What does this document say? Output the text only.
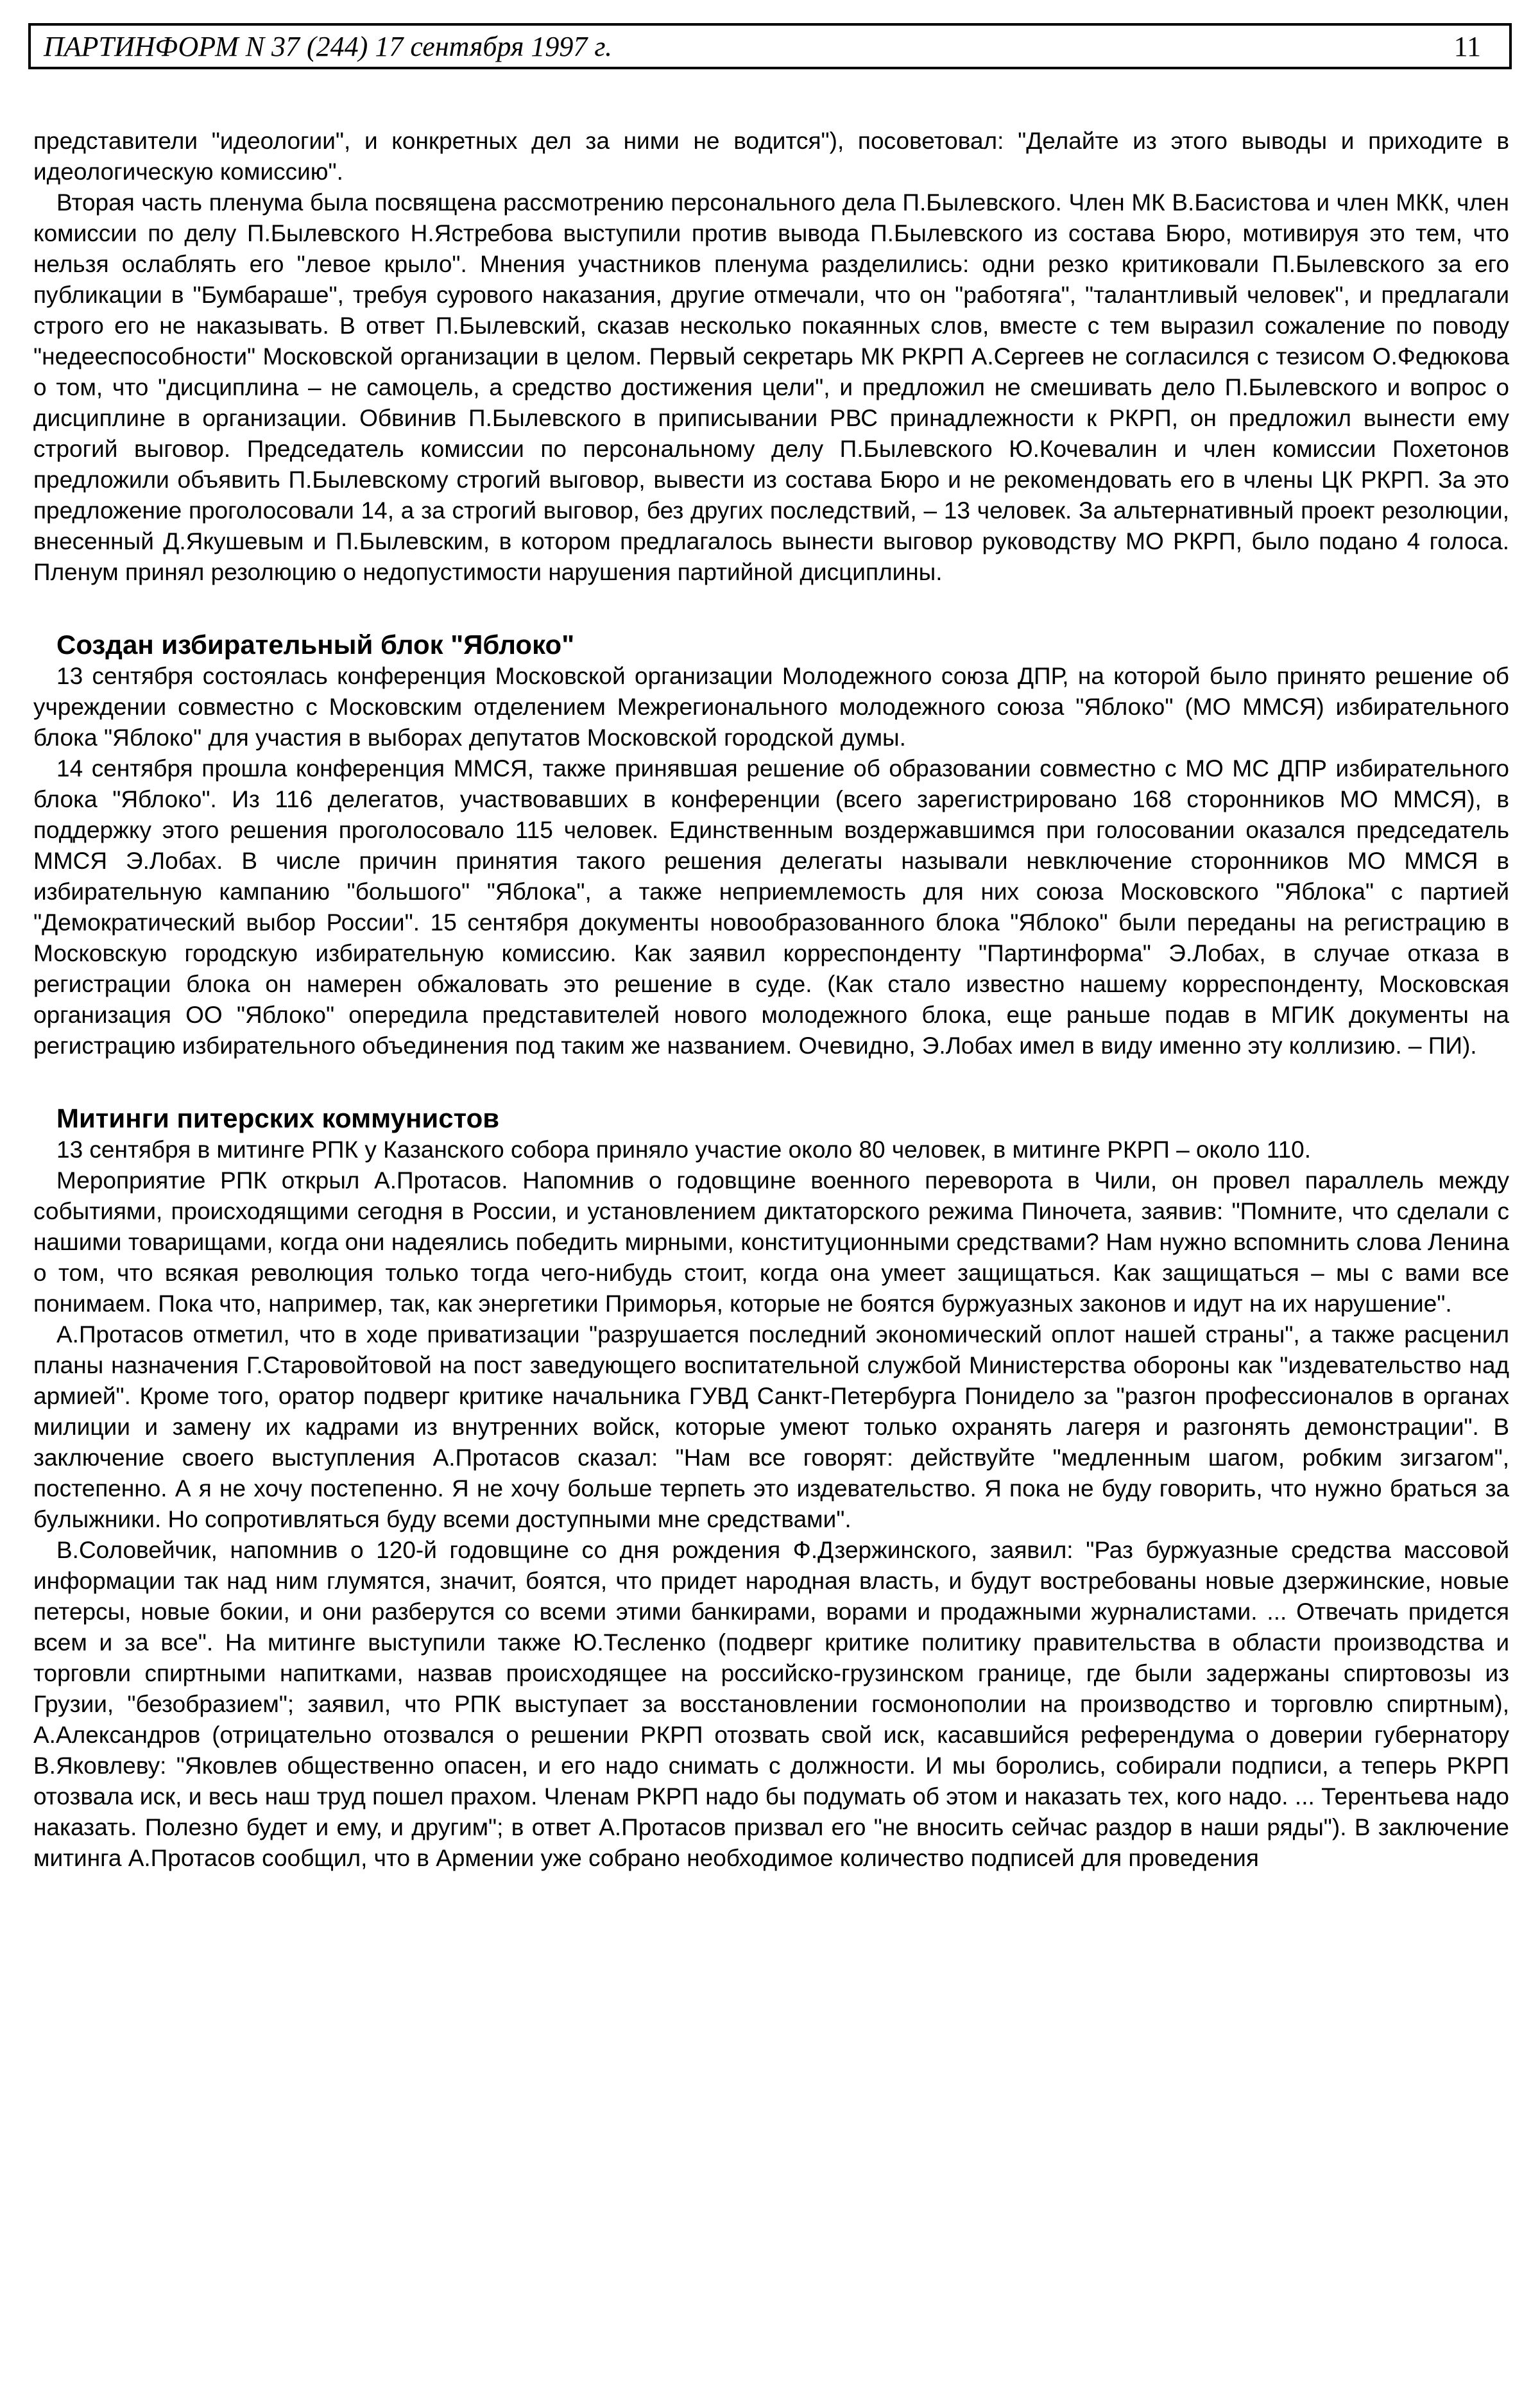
ПАРТИНФОРМ N 37 (244) 17 сентября 1997 г.	11

представители "идеологии", и конкретных дел за ними не водится"), посоветовал: "Делайте из этого выводы и приходите в идеологическую комиссию".

Вторая часть пленума была посвящена рассмотрению персонального дела П.Былевского. Член МК В.Басистова и член МКК, член комиссии по делу П.Былевского Н.Ястребова выступили против вывода П.Былевского из состава Бюро, мотивируя это тем, что нельзя ослаблять его "левое крыло". Мнения участников пленума разделились: одни резко критиковали П.Былевского за его публикации в "Бумбараше", требуя сурового наказания, другие отмечали, что он "работяга", "талантливый человек", и предлагали строго его не наказывать. В ответ П.Былевский, сказав несколько покаянных слов, вместе с тем выразил сожаление по поводу "недееспособности" Московской организации в целом. Первый секретарь МК РКРП А.Сергеев не согласился с тезисом О.Федюкова о том, что "дисциплина – не самоцель, а средство достижения цели", и предложил не смешивать дело П.Былевского и вопрос о дисциплине в организации. Обвинив П.Былевского в приписывании РВС принадлежности к РКРП, он предложил вынести ему строгий выговор. Председатель комиссии по персональному делу П.Былевского Ю.Кочевалин и член комиссии Похетонов предложили объявить П.Былевскому строгий выговор, вывести из состава Бюро и не рекомендовать его в члены ЦК РКРП. За это предложение проголосовали 14, а за строгий выговор, без других последствий, – 13 человек. За альтернативный проект резолюции, внесенный Д.Якушевым и П.Былевским, в котором предлагалось вынести выговор руководству МО РКРП, было подано 4 голоса. Пленум принял резолюцию о недопустимости нарушения партийной дисциплины.

Создан избирательный блок "Яблоко"

13 сентября состоялась конференция Московской организации Молодежного союза ДПР, на которой было принято решение об учреждении совместно с Московским отделением Межрегионального молодежного союза "Яблоко" (МО ММСЯ) избирательного блока "Яблоко" для участия в выборах депутатов Московской городской думы.

14 сентября прошла конференция ММСЯ, также принявшая решение об образовании совместно с МО МС ДПР избирательного блока "Яблоко". Из 116 делегатов, участвовавших в конференции (всего зарегистрировано 168 сторонников МО ММСЯ), в поддержку этого решения проголосовало 115 человек. Единственным воздержавшимся при голосовании оказался председатель ММСЯ Э.Лобах. В числе причин принятия такого решения делегаты называли невключение сторонников МО ММСЯ в избирательную кампанию "большого" "Яблока", а также неприемлемость для них союза Московского "Яблока" с партией "Демократический выбор России". 15 сентября документы новообразованного блока "Яблоко" были переданы на регистрацию в Московскую городскую избирательную комиссию. Как заявил корреспонденту "Партинформа" Э.Лобах, в случае отказа в регистрации блока он намерен обжаловать это решение в суде. (Как стало известно нашему корреспонденту, Московская организация ОО "Яблоко" опередила представителей нового молодежного блока, еще раньше подав в МГИК документы на регистрацию избирательного объединения под таким же названием. Очевидно, Э.Лобах имел в виду именно эту коллизию. – ПИ).

Митинги питерских коммунистов

13 сентября в митинге РПК у Казанского собора приняло участие около 80 человек, в митинге РКРП – около 110.

Мероприятие РПК открыл А.Протасов. Напомнив о годовщине военного переворота в Чили, он провел параллель между событиями, происходящими сегодня в России, и установлением диктаторского режима Пиночета, заявив: "Помните, что сделали с нашими товарищами, когда они надеялись победить мирными, конституционными средствами? Нам нужно вспомнить слова Ленина о том, что всякая революция только тогда чего-нибудь стоит, когда она умеет защищаться. Как защищаться – мы с вами все понимаем. Пока что, например, так, как энергетики Приморья, которые не боятся буржуазных законов и идут на их нарушение".

А.Протасов отметил, что в ходе приватизации "разрушается последний экономический оплот нашей страны", а также расценил планы назначения Г.Старовойтовой на пост заведующего воспитательной службой Министерства обороны как "издевательство над армией". Кроме того, оратор подверг критике начальника ГУВД Санкт-Петербурга Понидело за "разгон профессионалов в органах милиции и замену их кадрами из внутренних войск, которые умеют только охранять лагеря и разгонять демонстрации". В заключение своего выступления А.Протасов сказал: "Нам все говорят: действуйте "медленным шагом, робким зигзагом", постепенно. А я не хочу постепенно. Я не хочу больше терпеть это издевательство. Я пока не буду говорить, что нужно браться за булыжники. Но сопротивляться буду всеми доступными мне средствами".

В.Соловейчик, напомнив о 120-й годовщине со дня рождения Ф.Дзержинского, заявил: "Раз буржуазные средства массовой информации так над ним глумятся, значит, боятся, что придет народная власть, и будут востребованы новые дзержинские, новые петерсы, новые бокии, и они разберутся со всеми этими банкирами, ворами и продажными журналистами. ... Отвечать придется всем и за все". На митинге выступили также Ю.Тесленко (подверг критике политику правительства в области производства и торговли спиртными напитками, назвав происходящее на российско-грузинском границе, где были задержаны спиртовозы из Грузии, "безобразием"; заявил, что РПК выступает за восстановлении госмонополии на производство и торговлю спиртным), А.Александров (отрицательно отозвался о решении РКРП отозвать свой иск, касавшийся референдума о доверии губернатору В.Яковлеву: "Яковлев общественно опасен, и его надо снимать с должности. И мы боролись, собирали подписи, а теперь РКРП отозвала иск, и весь наш труд пошел прахом. Членам РКРП надо бы подумать об этом и наказать тех, кого надо. ... Терентьева надо наказать. Полезно будет и ему, и другим"; в ответ А.Протасов призвал его "не вносить сейчас раздор в наши ряды"). В заключение митинга А.Протасов сообщил, что в Армении уже собрано необходимое количество подписей для проведения
